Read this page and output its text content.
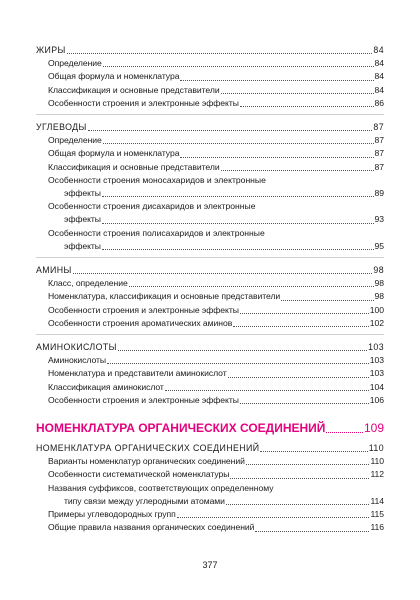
ЖИРЫ	84
Определение	84
Общая формула и номенклатура	84
Классификация и основные представители	84
Особенности строения и электронные эффекты	86
УГЛЕВОДЫ	87
Определение	87
Общая формула и номенклатура	87
Классификация и основные представители	87
Особенности строения моносахаридов и электронные
эффекты	89
Особенности строения дисахаридов и электронные
эффекты	93
Особенности строения полисахаридов и электронные
эффекты	95
АМИНЫ	98
Класс, определение	98
Номенклатура, классификация и основные представители	98
Особенности строения и электронные эффекты	100
Особенности строения ароматических аминов	102
АМИНОКИСЛОТЫ	103
Аминокислоты	103
Номенклатура и представители аминокислот	103
Классификация аминокислот	104
Особенности строения и электронные эффекты	106
НОМЕНКЛАТУРА ОРГАНИЧЕСКИХ СОЕДИНЕНИЙ	109
НОМЕНКЛАТУРА ОРГАНИЧЕСКИХ СОЕДИНЕНИЙ	110
Варианты номенклатур органических соединений	110
Особенности систематической номенклатуры	112
Названия суффиксов, соответствующих определенному
типу связи между углеродными атомами	114
Примеры углеводородных групп	115
Общие правила названия органических соединений	116
377
